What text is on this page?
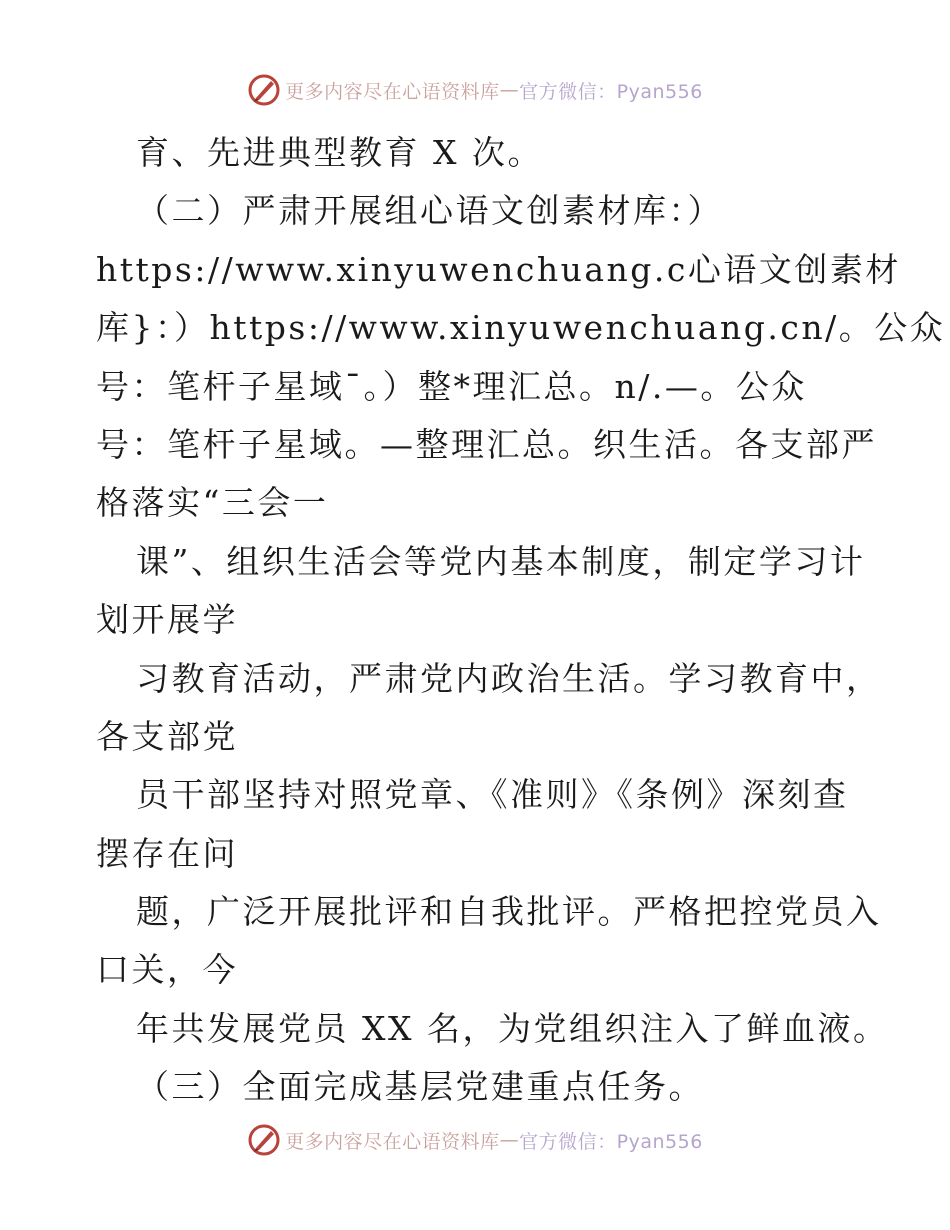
更多内容尽在心语资料库 — 官方微信：Pyan556
育、先进典型教育 X 次。
（二）严肃开展组心语文创素材库：）
https://www.xinyuwenchuang.c心语文创素材
库}：）https://www.xinyuwenchuang.cn/。公众
号：笔杆子星域¯。）整*理汇总。n/.—。公众
号：笔杆子星域。—整理汇总。织生活。各支部严
格落实“三会一
课”、组织生活会等党内基本制度，制定学习计
划开展学
习教育活动，严肃党内政治生活。学习教育中，
各支部党
员干部坚持对照党章、《准则》《条例》深刻查
摆存在问
题，广泛开展批评和自我批评。严格把控党员入
口关，今
年共发展党员 XX 名，为党组织注入了鲜血液。
（三）全面完成基层党建重点任务。
更多内容尽在心语资料库 — 官方微信：Pyan556
